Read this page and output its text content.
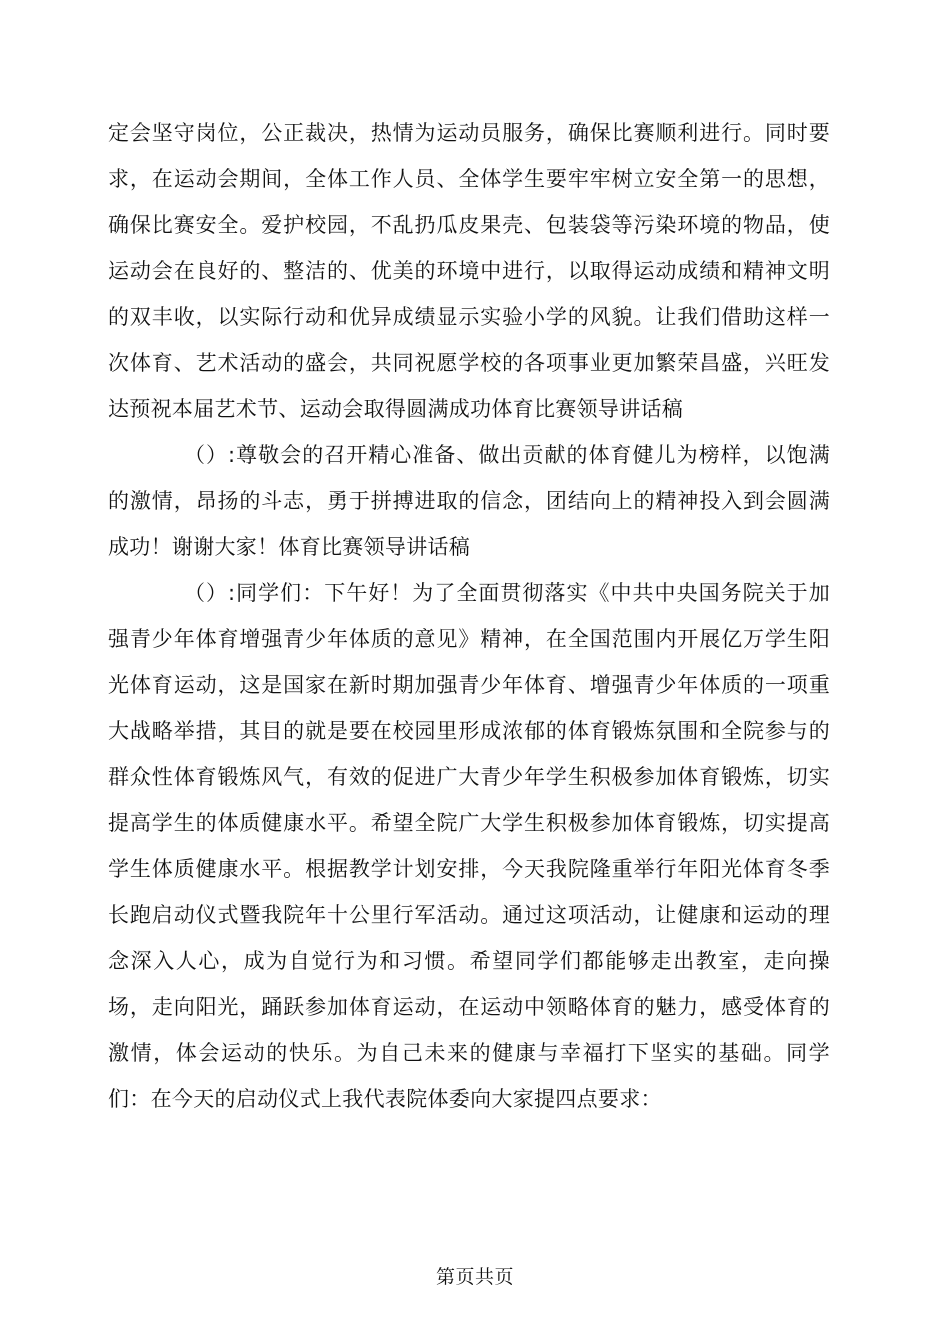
定会坚守岗位，公正裁决，热情为运动员服务，确保比赛顺利进行。同时要求，在运动会期间，全体工作人员、全体学生要牢牢树立安全第一的思想，确保比赛安全。爱护校园，不乱扔瓜皮果壳、包装袋等污染环境的物品，使运动会在良好的、整洁的、优美的环境中进行，以取得运动成绩和精神文明的双丰收，以实际行动和优异成绩显示实验小学的风貌。让我们借助这样一次体育、艺术活动的盛会，共同祝愿学校的各项事业更加繁荣昌盛，兴旺发达预祝本届艺术节、运动会取得圆满成功体育比赛领导讲话稿

（）:尊敬会的召开精心准备、做出贡献的体育健儿为榜样，以饱满的激情，昂扬的斗志，勇于拼搏进取的信念，团结向上的精神投入到会圆满成功！谢谢大家！体育比赛领导讲话稿

（）:同学们：下午好！为了全面贯彻落实《中共中央国务院关于加强青少年体育增强青少年体质的意见》精神，在全国范围内开展亿万学生阳光体育运动，这是国家在新时期加强青少年体育、增强青少年体质的一项重大战略举措，其目的就是要在校园里形成浓郁的体育锻炼氛围和全院参与的群众性体育锻炼风气，有效的促进广大青少年学生积极参加体育锻炼，切实提高学生的体质健康水平。希望全院广大学生积极参加体育锻炼，切实提高学生体质健康水平。根据教学计划安排，今天我院隆重举行年阳光体育冬季长跑启动仪式暨我院年十公里行军活动。通过这项活动，让健康和运动的理念深入人心，成为自觉行为和习惯。希望同学们都能够走出教室，走向操场，走向阳光，踊跃参加体育运动，在运动中领略体育的魅力，感受体育的激情，体会运动的快乐。为自己未来的健康与幸福打下坚实的基础。同学们：在今天的启动仪式上我代表院体委向大家提四点要求：

第页共页
